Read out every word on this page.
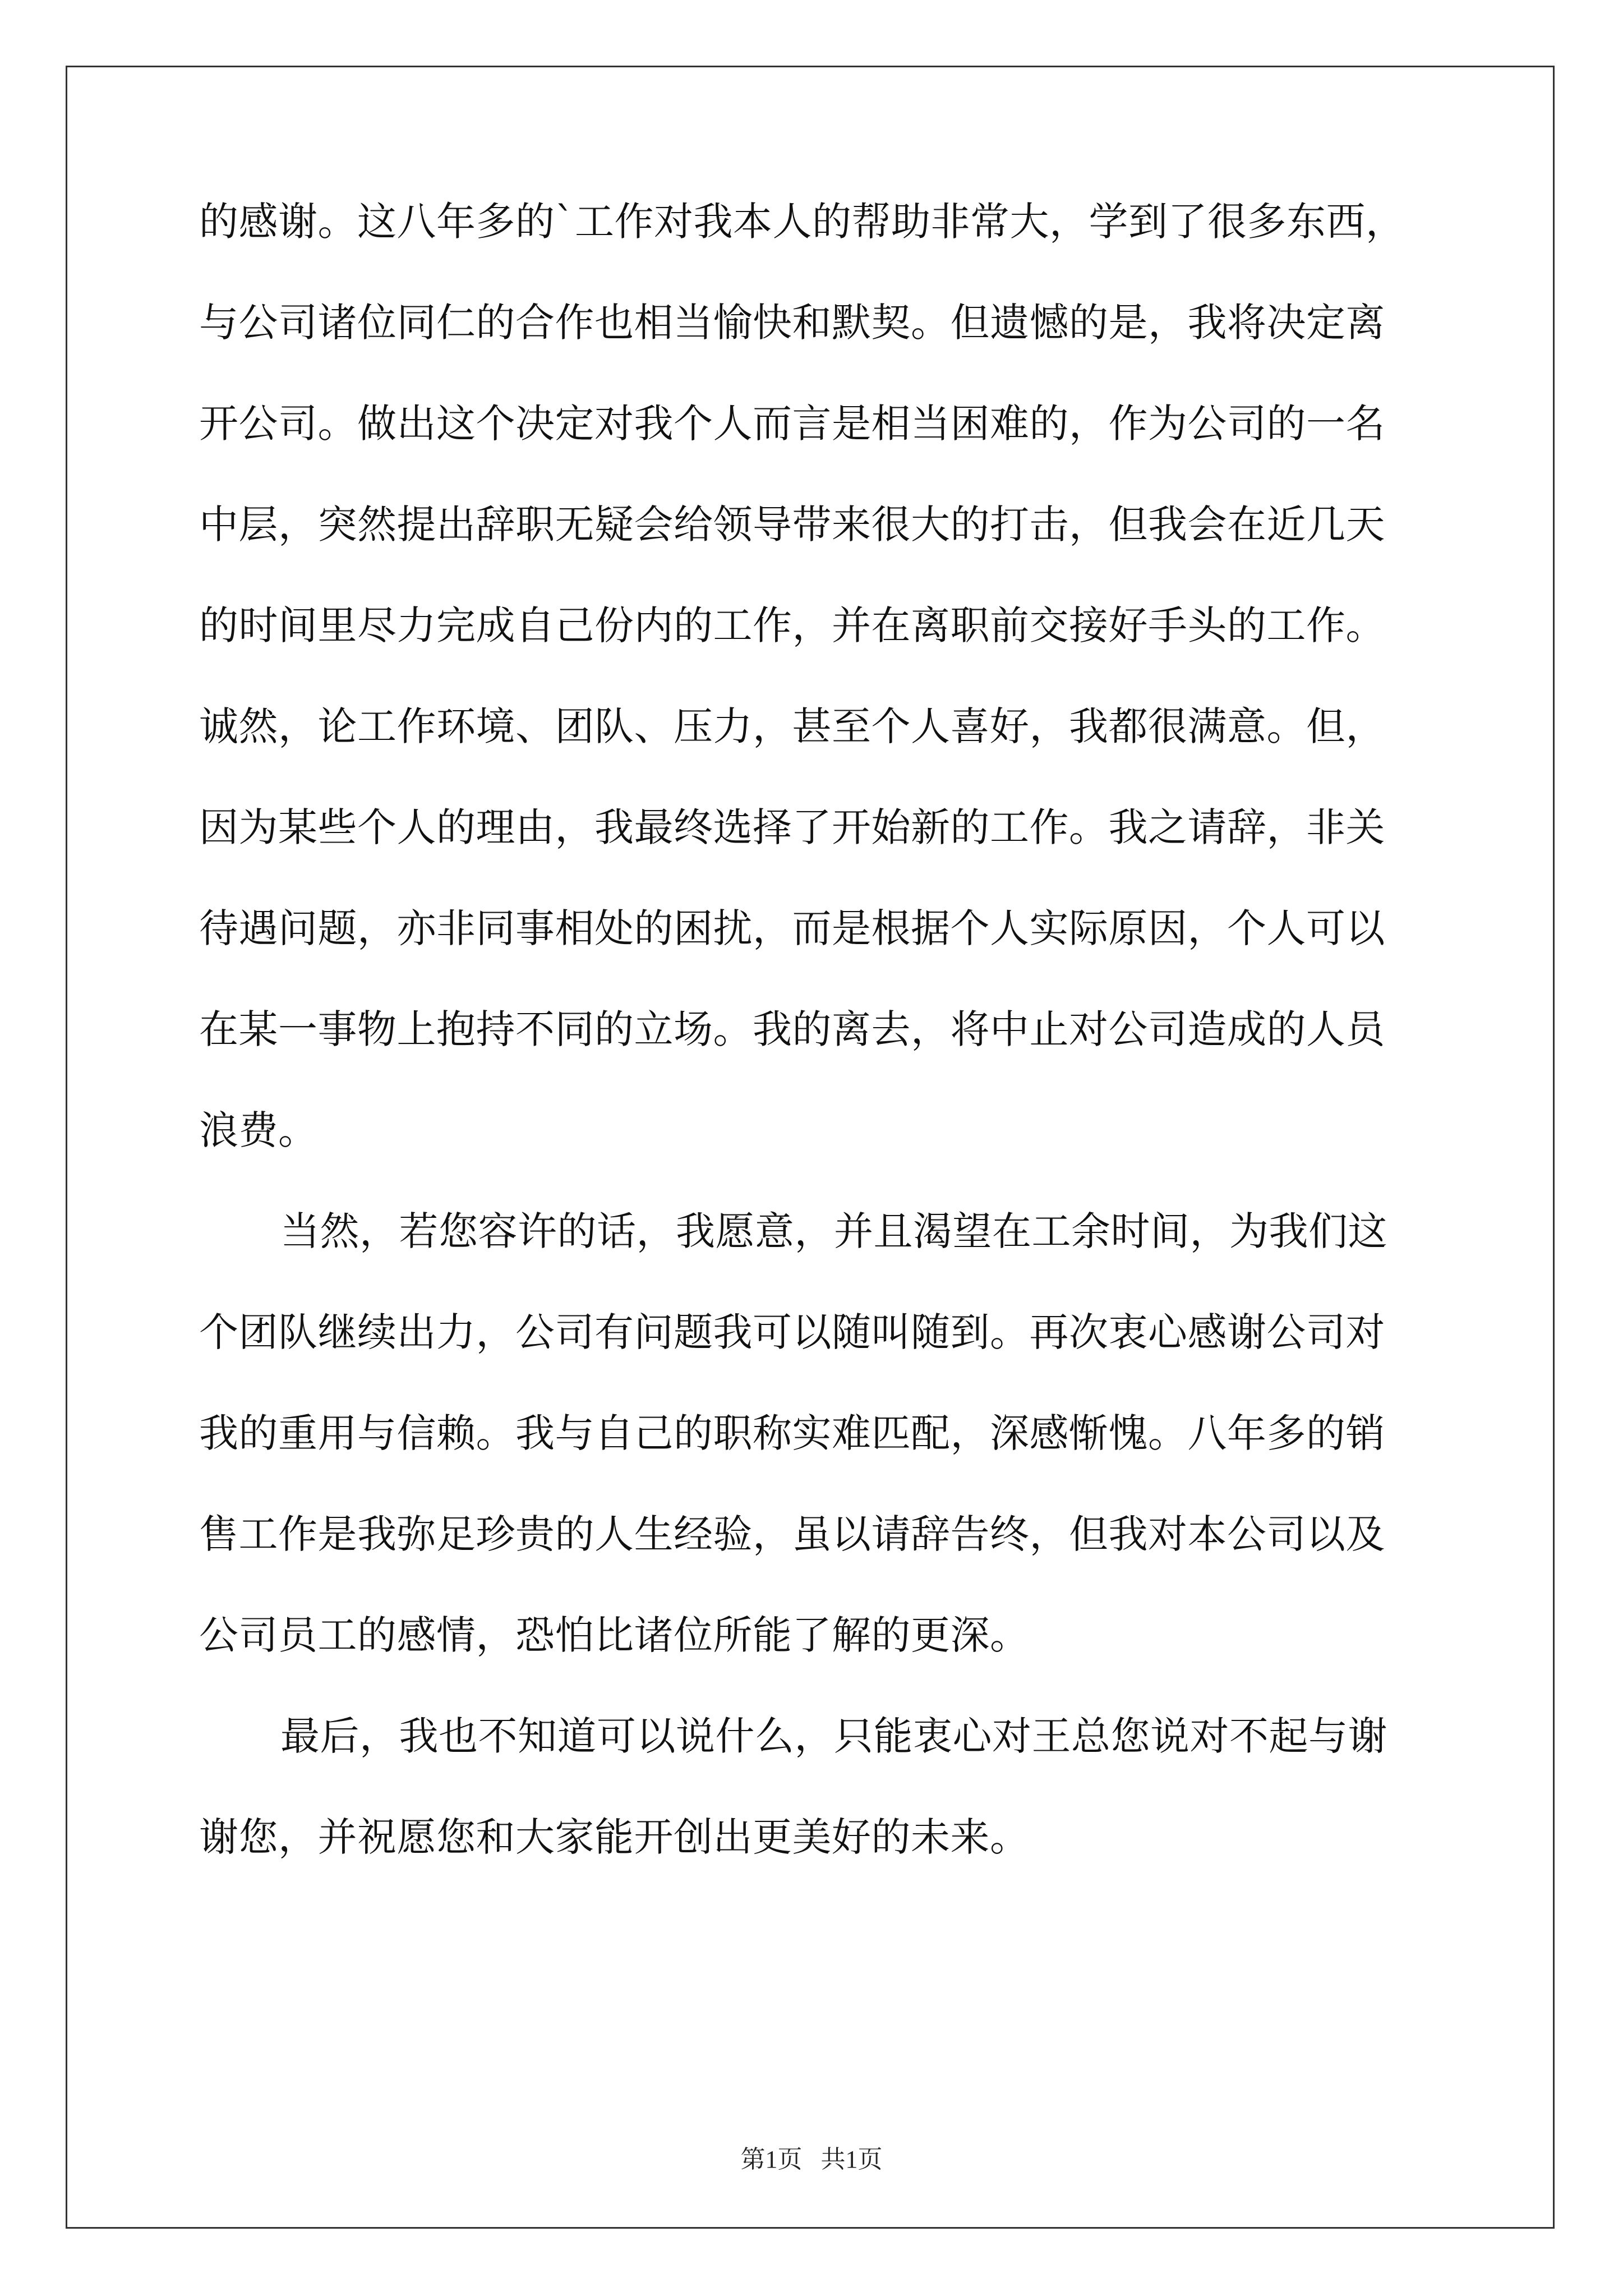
的感谢。这八年多的`工作对我本人的帮助非常大，学到了很多东西，
与公司诸位同仁的合作也相当愉快和默契。但遗憾的是，我将决定离
开公司。做出这个决定对我个人而言是相当困难的，作为公司的一名
中层，突然提出辞职无疑会给领导带来很大的打击，但我会在近几天
的时间里尽力完成自己份内的工作，并在离职前交接好手头的工作。
诚然，论工作环境、团队、压力，甚至个人喜好，我都很满意。但，
因为某些个人的理由，我最终选择了开始新的工作。我之请辞，非关
待遇问题，亦非同事相处的困扰，而是根据个人实际原因，个人可以
在某一事物上抱持不同的立场。我的离去，将中止对公司造成的人员
浪费。
当然，若您容许的话，我愿意，并且渴望在工余时间，为我们这
个团队继续出力，公司有问题我可以随叫随到。再次衷心感谢公司对
我的重用与信赖。我与自己的职称实难匹配，深感惭愧。八年多的销
售工作是我弥足珍贵的人生经验，虽以请辞告终，但我对本公司以及
公司员工的感情，恐怕比诸位所能了解的更深。
最后，我也不知道可以说什么，只能衷心对王总您说对不起与谢
谢您，并祝愿您和大家能开创出更美好的未来。
第1页   共1页
